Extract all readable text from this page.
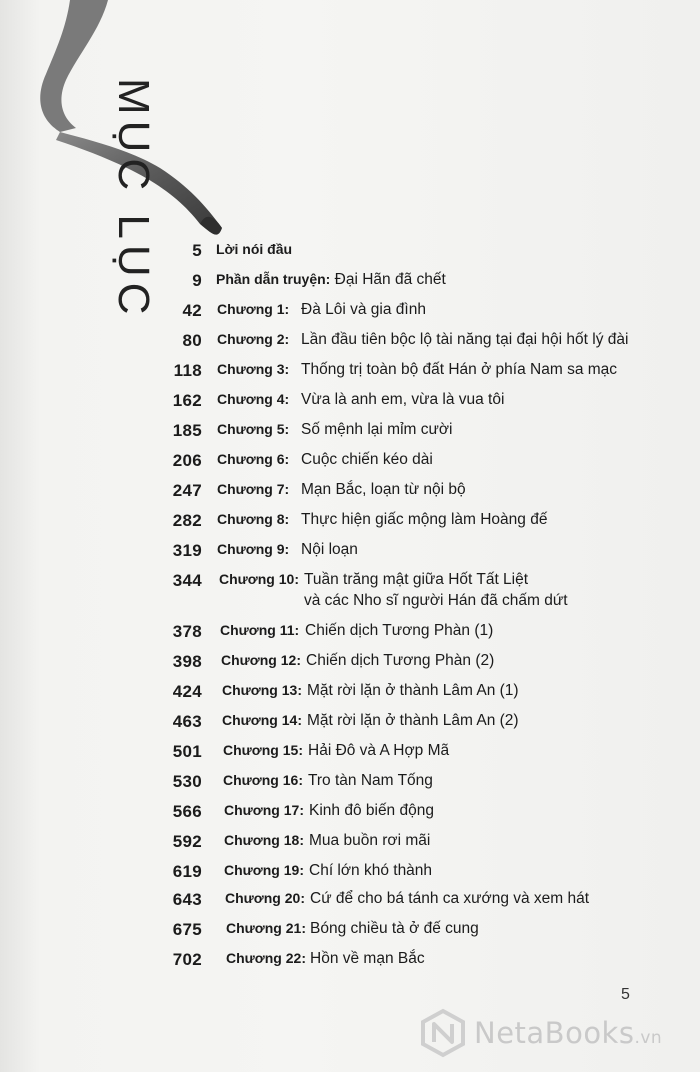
MỤC LỤC 5 Lời nói đầu
9 Phần dẫn truyện: Đại Hãn đã chết
42 Chương 1: Đà Lôi và gia đình
80 Chương 2: Lần đầu tiên bộc lộ tài năng tại đại hội hốt lý đài
118 Chương 3: Thống trị toàn bộ đất Hán ở phía Nam sa mạc
162 Chương 4: Vừa là anh em, vừa là vua tôi
185 Chương 5: Số mệnh lại mỉm cười
206 Chương 6: Cuộc chiến kéo dài
247 Chương 7: Mạn Bắc, loạn từ nội bộ
282 Chương 8: Thực hiện giấc mộng làm Hoàng đế
319 Chương 9: Nội loạn
344 Chương 10: Tuần trăng mật giữa Hốt Tất Liệt
và các Nho sĩ người Hán đã chấm dứt
378 Chương 11: Chiến dịch Tương Phàn (1)
398 Chương 12: Chiến dịch Tương Phàn (2)
424 Chương 13: Mặt rời lặn ở thành Lâm An (1)
463 Chương 14: Mặt rời lặn ở thành Lâm An (2)
501 Chương 15: Hải Đô và A Hợp Mã
530 Chương 16: Tro tàn Nam Tống
566 Chương 17: Kinh đô biến động
592 Chương 18: Mua buồn rơi mãi
619 Chương 19: Chí lớn khó thành
643 Chương 20: Cứ để cho bá tánh ca xướng và xem hát
675 Chương 21: Bóng chiều tà ở đế cung
702 Chương 22: Hồn về mạn Bắc
5
NetaBooks.vn
